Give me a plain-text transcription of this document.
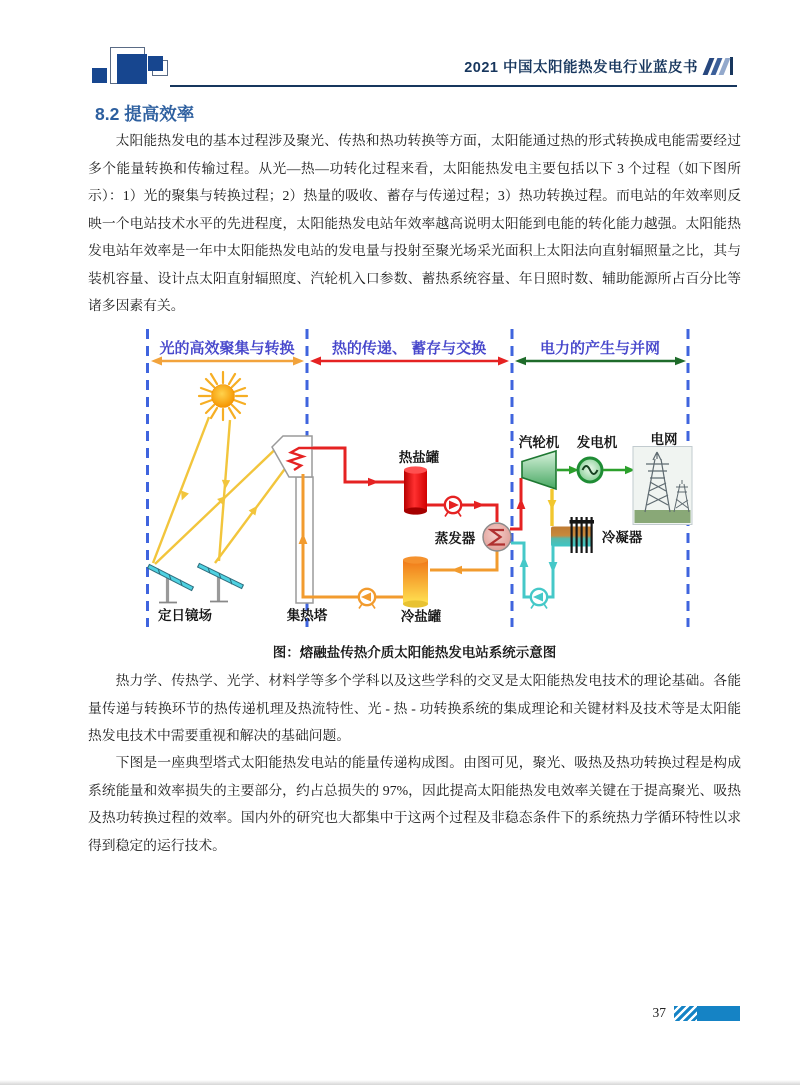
2021 中国太阳能热发电行业蓝皮书
8.2 提高效率

太阳能热发电的基本过程涉及聚光、传热和热功转换等方面，太阳能通过热的形式转换成电能需要经过多个能量转换和传输过程。从光—热—功转化过程来看，太阳能热发电主要包括以下 3 个过程（如下图所示）：1）光的聚集与转换过程；2）热量的吸收、蓄存与传递过程；3）热功转换过程。而电站的年效率则反映一个电站技术水平的先进程度，太阳能热发电站年效率越高说明太阳能到电能的转化能力越强。太阳能热发电站年效率是一年中太阳能热发电站的发电量与投射至聚光场采光面积上太阳法向直射辐照量之比，其与装机容量、设计点太阳直射辐照度、汽轮机入口参数、蓄热系统容量、年日照时数、辅助能源所占百分比等诸多因素有关。

光的高效聚集与转换 热的传递、 蓄存与交换	电力的产生与并网
定日镜场	集热塔
热盐罐
冷盐罐
蒸发器
汽轮机
冷凝器
发电机 电网
图：熔融盐传热介质太阳能热发电站系统示意图

热力学、传热学、光学、材料学等多个学科以及这些学科的交叉是太阳能热发电技术的理论基础。各能量传递与转换环节的热传递机理及热流特性、光 - 热 - 功转换系统的集成理论和关键材料及技术等是太阳能热发电技术中需要重视和解决的基础问题。

下图是一座典型塔式太阳能热发电站的能量传递构成图。由图可见，聚光、吸热及热功转换过程是构成系统能量和效率损失的主要部分，约占总损失的 97%，因此提高太阳能热发电效率关键在于提高聚光、吸热及热功转换过程的效率。国内外的研究也大都集中于这两个过程及非稳态条件下的系统热力学循环特性以求得到稳定的运行技术。

37
